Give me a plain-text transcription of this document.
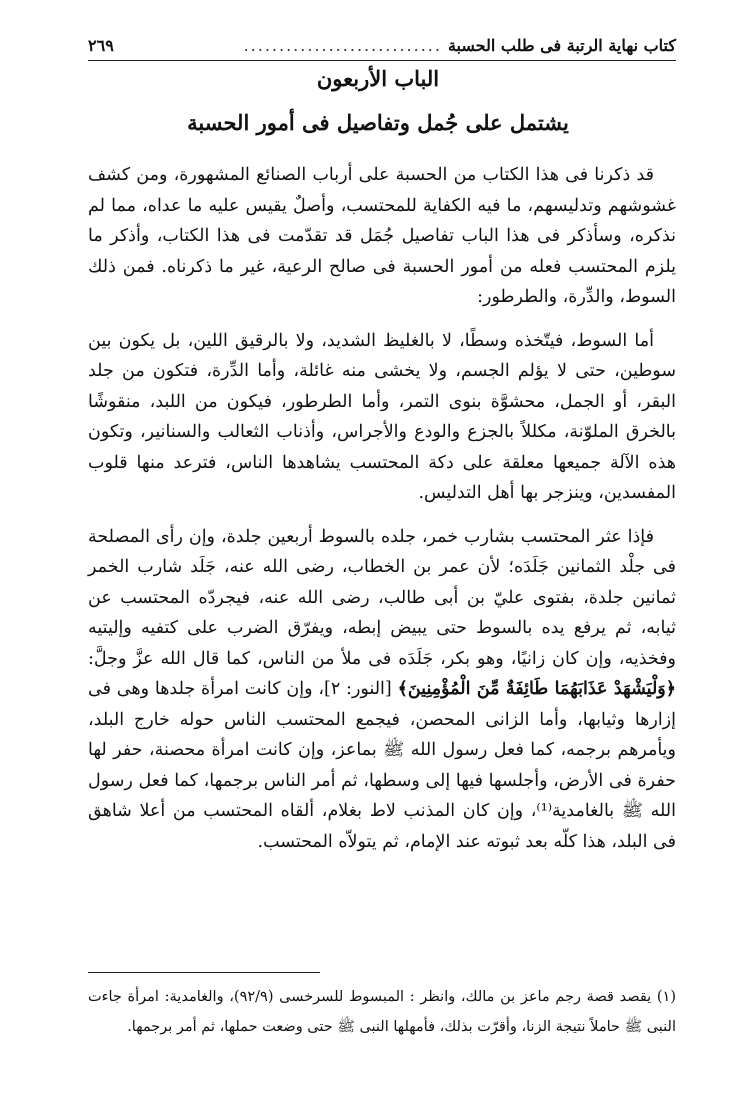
كتاب نهاية الرتبة فى طلب الحسبة
............................
٢٦٩
الباب الأربعون
يشتمل على جُمل وتفاصيل فى أمور الحسبة

قد ذكرنا فى هذا الكتاب من الحسبة على أرباب الصنائع المشهورة، ومن كشف غشوشهم وتدليسهم، ما فيه الكفاية للمحتسب، وأصلٌ يقيس عليه ما عداه، مما لم نذكره، وسأذكر فى هذا الباب تفاصيل جُمَل قد تقدّمت فى هذا الكتاب، وأذكر ما يلزم المحتسب فعله من أمور الحسبة فى صالح الرعية، غير ما ذكرناه. فمن ذلك السوط، والدِّرة، والطرطور:

أما السوط، فيتّخذه وسطًا، لا بالغليظ الشديد، ولا بالرقيق اللين، بل يكون بين سوطين، حتى لا يؤلم الجسم، ولا يخشى منه غائلة، وأما الدِّرة، فتكون من جلد البقر، أو الجمل، محشوَّة بنوى التمر، وأما الطرطور، فيكون من اللبد، منقوشًا بالخرق الملوّنة، مكللاً بالجزع والودع والأجراس، وأذناب الثعالب والسنانير، وتكون هذه الآلة جميعها معلقة على دكة المحتسب يشاهدها الناس، فترعد منها قلوب المفسدين، وينزجر بها أهل التدليس.

فإذا عثر المحتسب بشارب خمر، جلده بالسوط أربعين جلدة، وإن رأى المصلحة فى جلْد الثمانين جَلَدَه؛ لأن عمر بن الخطاب، رضى الله عنه، جَلَد شارب الخمر ثمانين جلدة، بفتوى عليّ بن أبى طالب، رضى الله عنه، فيجردّه المحتسب عن ثيابه، ثم يرفع يده بالسوط حتى يبيض إبطه، ويفرّق الضرب على كتفيه وإليتيه وفخذيه، وإن كان زانيًا، وهو بكر، جَلَدَه فى ملأ من الناس، كما قال الله عزَّ وجلَّ: ﴿وَلْيَشْهَدْ عَذَابَهُمَا طَائِفَةٌ مِّنَ الْمُؤْمِنِينَ﴾ [النور: ٢]، وإن كانت امرأة جلدها وهى فى إزارها وثيابها، وأما الزانى المحصن، فيجمع المحتسب الناس حوله خارج البلد، ويأمرهم برجمه، كما فعل رسول الله ﷺ بماعز، وإن كانت امرأة محصنة، حفر لها حفرة فى الأرض، وأجلسها فيها إلى وسطها، ثم أمر الناس برجمها، كما فعل رسول الله ﷺ بالغامدية⁽¹⁾، وإن كان المذنب لاط بغلام، ألقاه المحتسب من أعلا شاهق فى البلد، هذا كلّه بعد ثبوته عند الإمام، ثم يتولاّه المحتسب.

(١) يقصد قصة رجم ماعز بن مالك، وانظر : المبسوط للسرخسى (٩٢/٩)، والغامدية: امرأة جاءت النبى ﷺ حاملاً نتيجة الزنا، وأقرّت بذلك، فأمهلها النبى ﷺ حتى وضعت حملها، ثم أمر برجمها.
